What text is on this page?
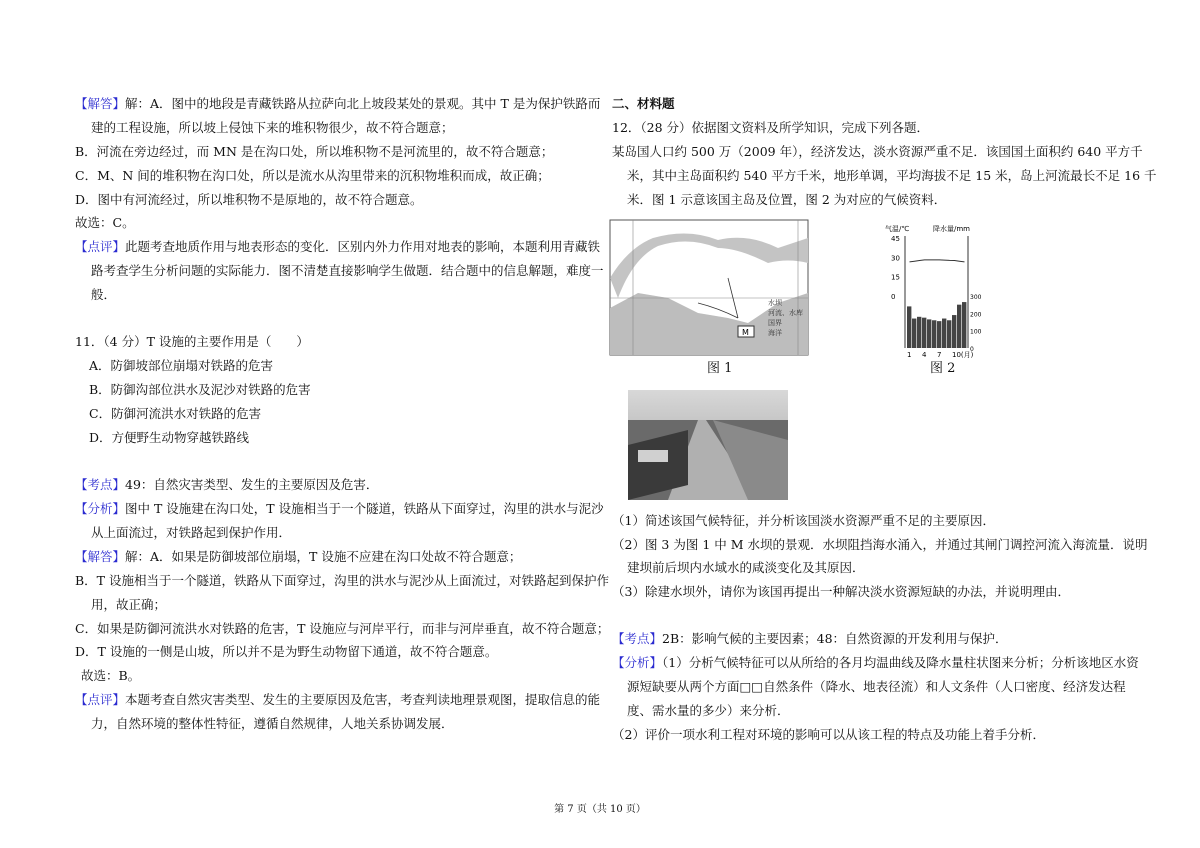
【解答】解：A．图中的地段是青藏铁路从拉萨向北上坡段某处的景观。其中 T 是为保护铁路而
建的工程设施，所以坡上侵蚀下来的堆积物很少，故不符合题意；
B．河流在旁边经过，而 MN 是在沟口处，所以堆积物不是河流里的，故不符合题意；
C．M、N 间的堆积物在沟口处，所以是流水从沟里带来的沉积物堆积而成，故正确；
D．图中有河流经过，所以堆积物不是原地的，故不符合题意。
故选：C。
【点评】此题考查地质作用与地表形态的变化．区别内外力作用对地表的影响，本题利用青藏铁
路考查学生分析问题的实际能力．图不清楚直接影响学生做题．结合题中的信息解题，难度一
般．
11．（4 分）T 设施的主要作用是（　　）
A．防御坡部位崩塌对铁路的危害
B．防御沟部位洪水及泥沙对铁路的危害
C．防御河流洪水对铁路的危害
D．方便野生动物穿越铁路线
【考点】49：自然灾害类型、发生的主要原因及危害．
【分析】图中 T 设施建在沟口处，T 设施相当于一个隧道，铁路从下面穿过，沟里的洪水与泥沙
从上面流过，对铁路起到保护作用．
【解答】解：A．如果是防御坡部位崩塌，T 设施不应建在沟口处故不符合题意；
B．T 设施相当于一个隧道，铁路从下面穿过，沟里的洪水与泥沙从上面流过，对铁路起到保护作
用，故正确；
C．如果是防御河流洪水对铁路的危害，T 设施应与河岸平行，而非与河岸垂直，故不符合题意；
D．T 设施的一侧是山坡，所以并不是为野生动物留下通道，故不符合题意。
故选：B。
【点评】本题考查自然灾害类型、发生的主要原因及危害，考查判读地理景观图，提取信息的能
力，自然环境的整体性特征，遵循自然规律，人地关系协调发展．
二、材料题
12．（28 分）依据图文资料及所学知识，完成下列各题．
某岛国人口约 500 万（2009 年），经济发达，淡水资源严重不足．该国国土面积约 640 平方千
米，其中主岛面积约 540 平方千米，地形单调，平均海拔不足 15 米，岛上河流最长不足 16 千
米．图 1 示意该国主岛及位置，图 2 为对应的气候资料．
M
水坝
河流、水库
国界
海洋
图 1
气温/℃	降水量/mm
45
30
15
0	300
200
100
0
1 4 7 10(月)
图 2
（1）简述该国气候特征，并分析该国淡水资源严重不足的主要原因．
（2）图 3 为图 1 中 M 水坝的景观．水坝阻挡海水涌入，并通过其闸门调控河流入海流量．说明
建坝前后坝内水域水的咸淡变化及其原因．
（3）除建水坝外，请你为该国再提出一种解决淡水资源短缺的办法，并说明理由．
【考点】2B：影响气候的主要因素；48：自然资源的开发利用与保护．
【分析】（1）分析气候特征可以从所给的各月均温曲线及降水量柱状图来分析；分析该地区水资
源短缺要从两个方面□□自然条件（降水、地表径流）和人文条件（人口密度、经济发达程
度、需水量的多少）来分析．
（2）评价一项水利工程对环境的影响可以从该工程的特点及功能上着手分析．
第 7 页（共 10 页）
